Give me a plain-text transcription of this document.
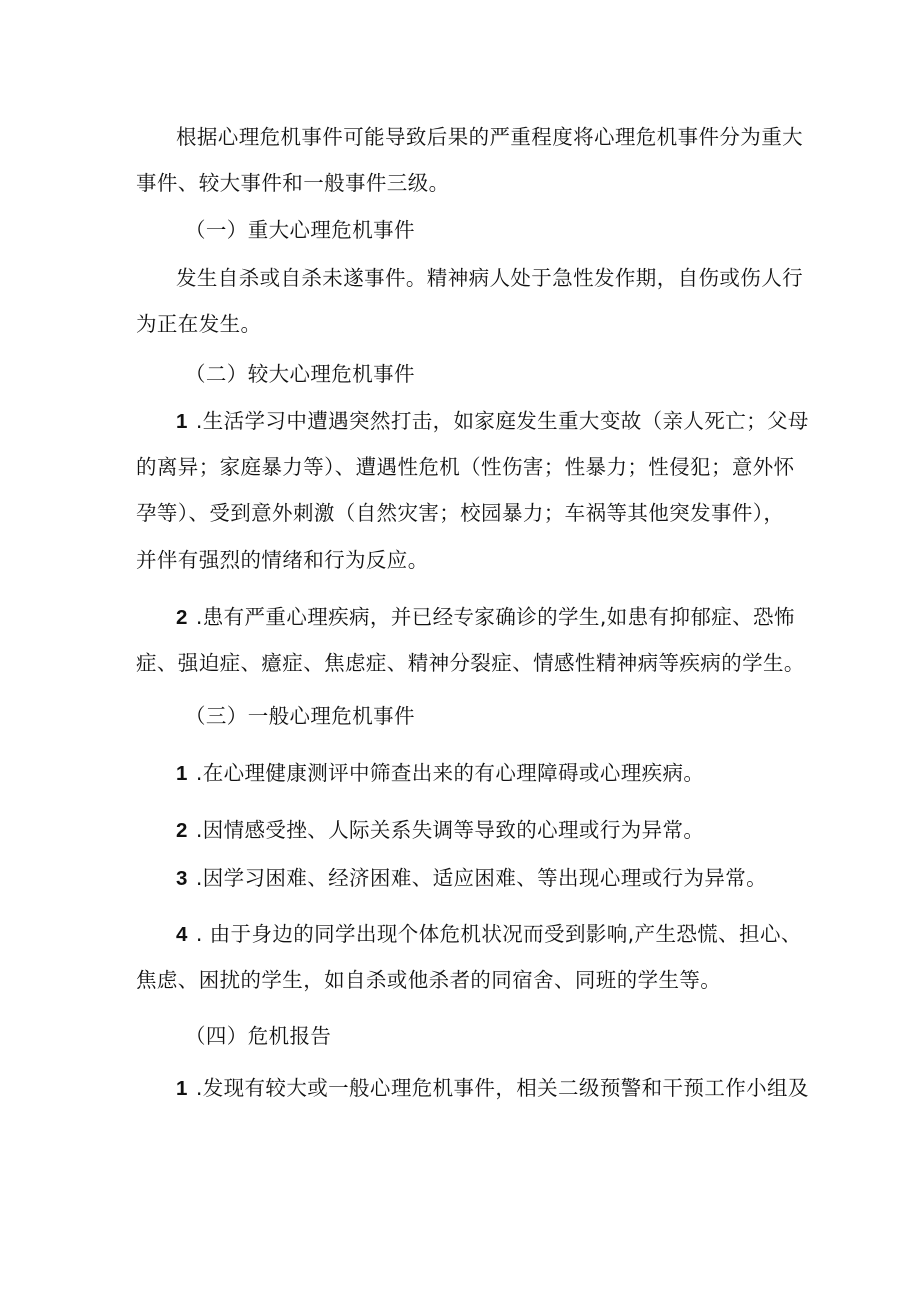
根据心理危机事件可能导致后果的严重程度将心理危机事件分为重大
事件、较大事件和一般事件三级。
（一）重大心理危机事件
发生自杀或自杀未遂事件。精神病人处于急性发作期，自伤或伤人行
为正在发生。
（二）较大心理危机事件
1 .生活学习中遭遇突然打击，如家庭发生重大变故（亲人死亡；父母
的离异；家庭暴力等）、遭遇性危机（性伤害；性暴力；性侵犯；意外怀
孕等）、受到意外刺激（自然灾害；校园暴力；车祸等其他突发事件），
并伴有强烈的情绪和行为反应。
2 .患有严重心理疾病，并已经专家确诊的学生,如患有抑郁症、恐怖
症、强迫症、癔症、焦虑症、精神分裂症、情感性精神病等疾病的学生。
（三）一般心理危机事件
1 .在心理健康测评中筛查出来的有心理障碍或心理疾病。
2 .因情感受挫、人际关系失调等导致的心理或行为异常。
3 .因学习困难、经济困难、适应困难、等出现心理或行为异常。
4 . 由于身边的同学出现个体危机状况而受到影响,产生恐慌、担心、
焦虑、困扰的学生，如自杀或他杀者的同宿舍、同班的学生等。
（四）危机报告
1 .发现有较大或一般心理危机事件，相关二级预警和干预工作小组及
